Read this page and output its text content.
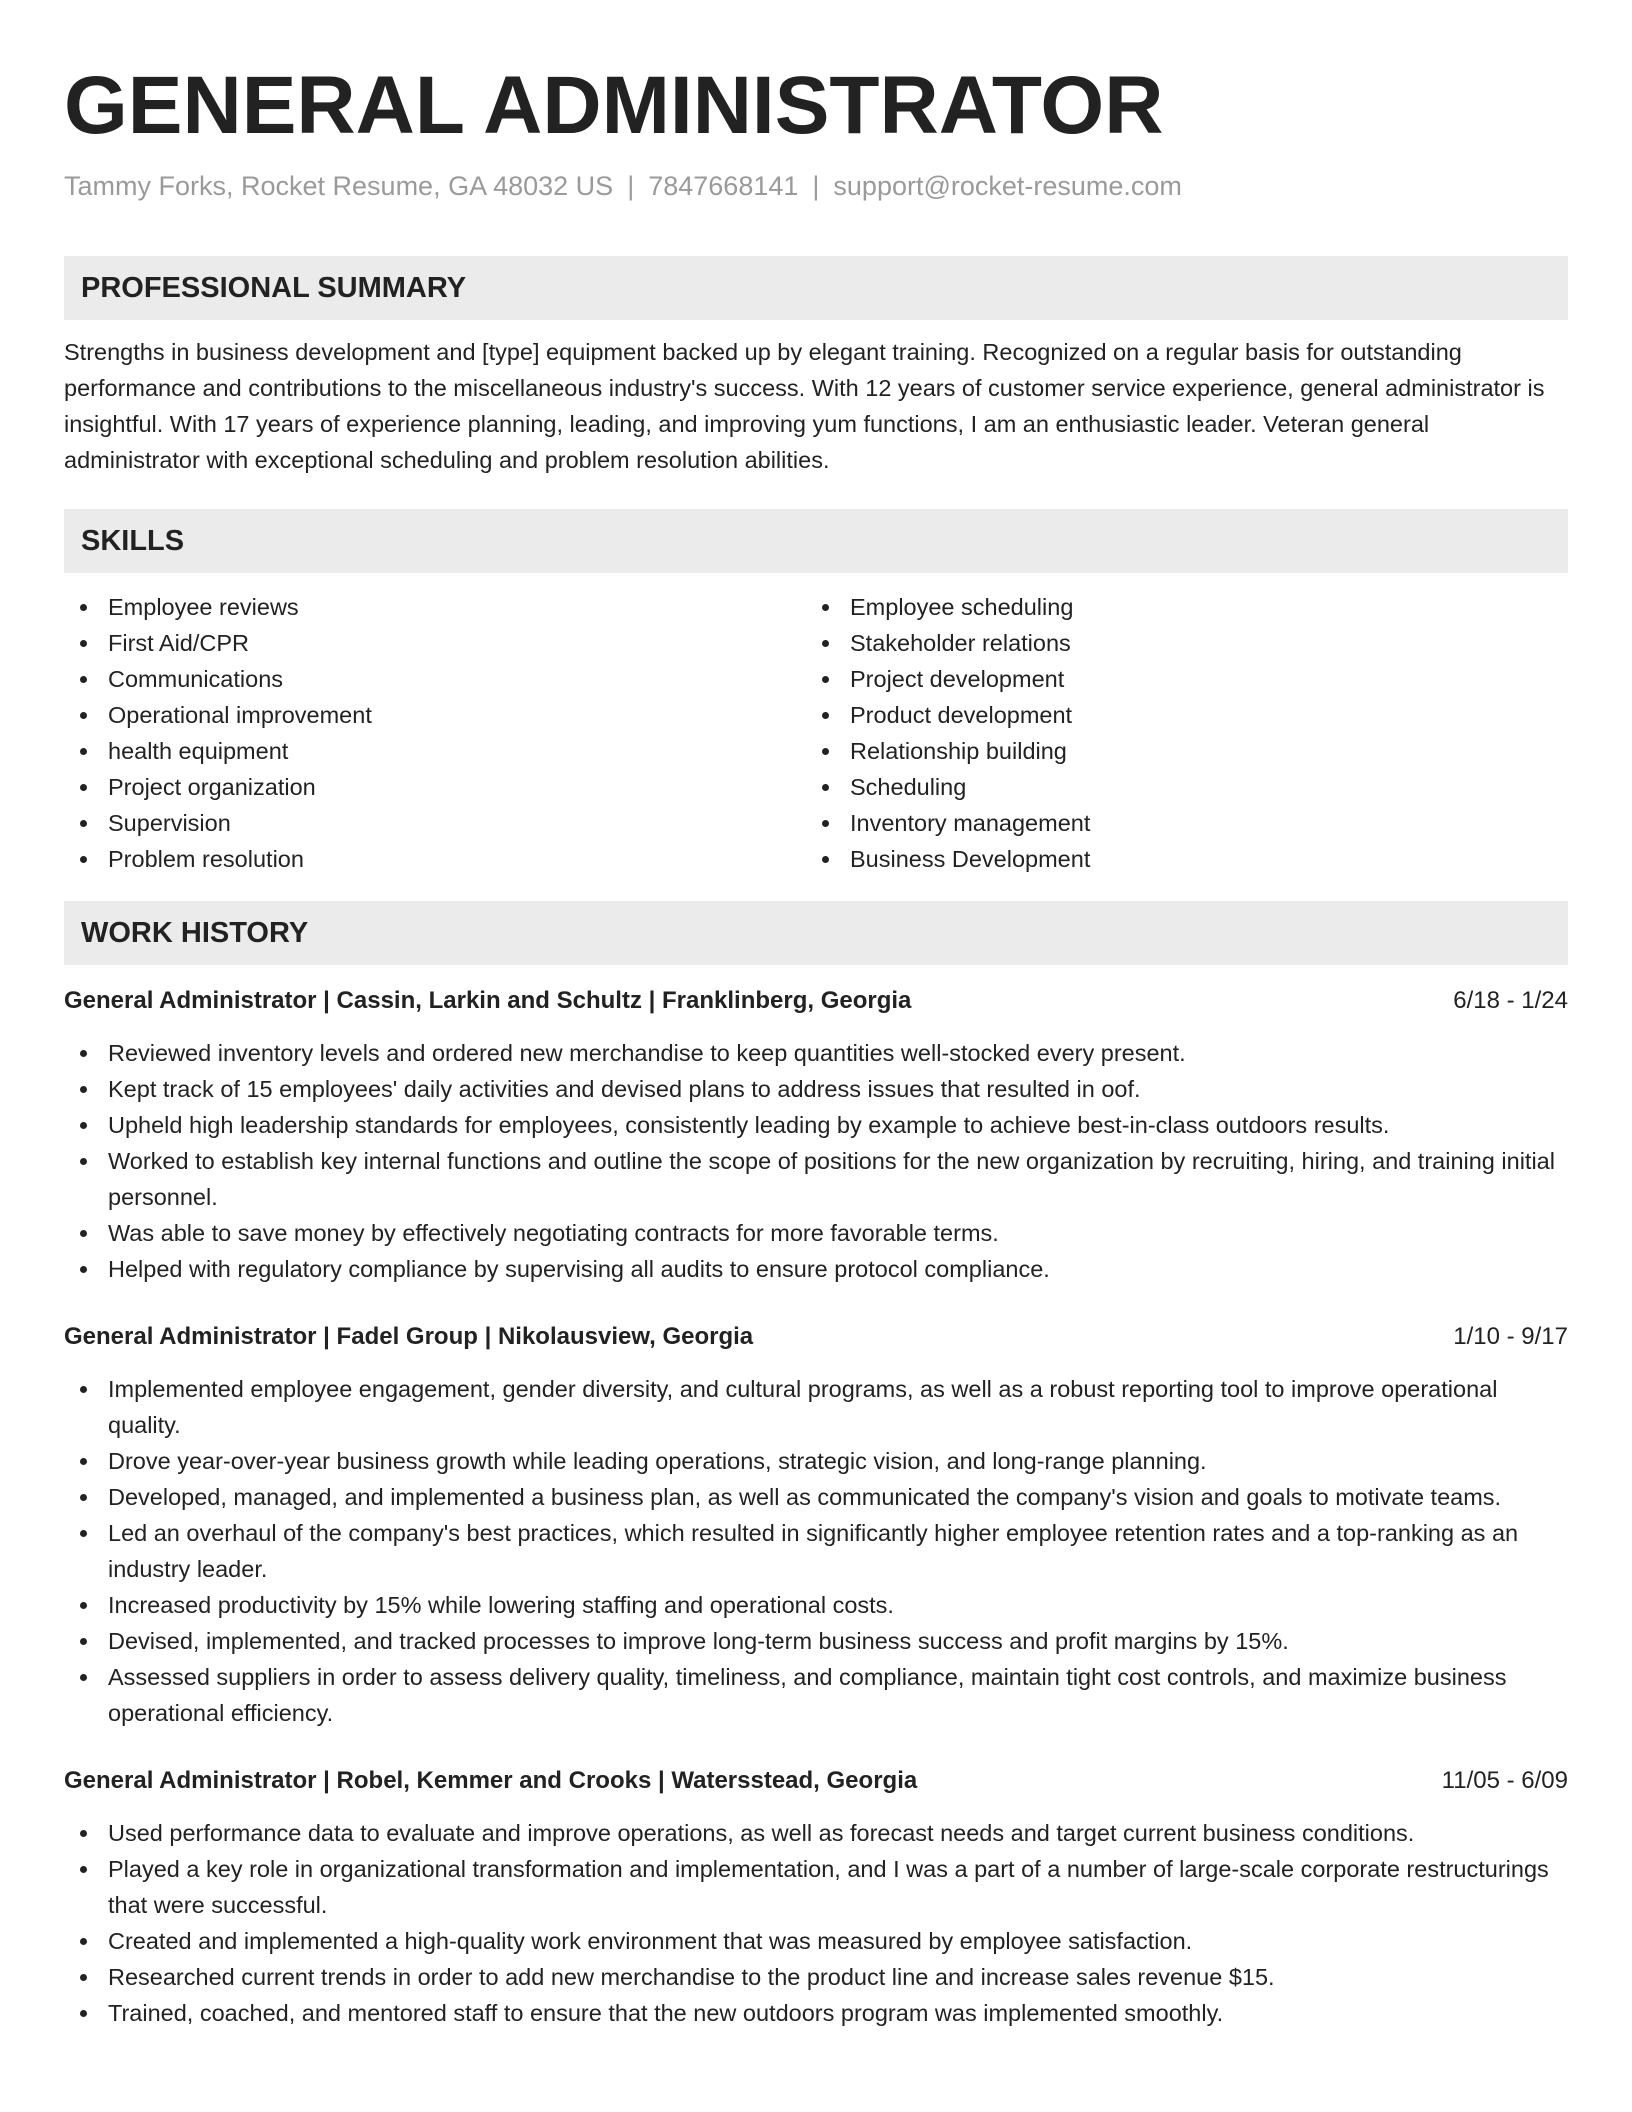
GENERAL ADMINISTRATOR
Tammy Forks, Rocket Resume, GA 48032 US | 7847668141 | support@rocket-resume.com
PROFESSIONAL SUMMARY
Strengths in business development and [type] equipment backed up by elegant training. Recognized on a regular basis for outstanding performance and contributions to the miscellaneous industry's success. With 12 years of customer service experience, general administrator is insightful. With 17 years of experience planning, leading, and improving yum functions, I am an enthusiastic leader. Veteran general administrator with exceptional scheduling and problem resolution abilities.
SKILLS
Employee reviews
First Aid/CPR
Communications
Operational improvement
health equipment
Project organization
Supervision
Problem resolution
Employee scheduling
Stakeholder relations
Project development
Product development
Relationship building
Scheduling
Inventory management
Business Development
WORK HISTORY
General Administrator | Cassin, Larkin and Schultz | Franklinberg, Georgia	6/18 - 1/24
Reviewed inventory levels and ordered new merchandise to keep quantities well-stocked every present.
Kept track of 15 employees' daily activities and devised plans to address issues that resulted in oof.
Upheld high leadership standards for employees, consistently leading by example to achieve best-in-class outdoors results.
Worked to establish key internal functions and outline the scope of positions for the new organization by recruiting, hiring, and training initial personnel.
Was able to save money by effectively negotiating contracts for more favorable terms.
Helped with regulatory compliance by supervising all audits to ensure protocol compliance.
General Administrator | Fadel Group | Nikolausview, Georgia	1/10 - 9/17
Implemented employee engagement, gender diversity, and cultural programs, as well as a robust reporting tool to improve operational quality.
Drove year-over-year business growth while leading operations, strategic vision, and long-range planning.
Developed, managed, and implemented a business plan, as well as communicated the company's vision and goals to motivate teams.
Led an overhaul of the company's best practices, which resulted in significantly higher employee retention rates and a top-ranking as an industry leader.
Increased productivity by 15% while lowering staffing and operational costs.
Devised, implemented, and tracked processes to improve long-term business success and profit margins by 15%.
Assessed suppliers in order to assess delivery quality, timeliness, and compliance, maintain tight cost controls, and maximize business operational efficiency.
General Administrator | Robel, Kemmer and Crooks | Watersstead, Georgia	11/05 - 6/09
Used performance data to evaluate and improve operations, as well as forecast needs and target current business conditions.
Played a key role in organizational transformation and implementation, and I was a part of a number of large-scale corporate restructurings that were successful.
Created and implemented a high-quality work environment that was measured by employee satisfaction.
Researched current trends in order to add new merchandise to the product line and increase sales revenue $15.
Trained, coached, and mentored staff to ensure that the new outdoors program was implemented smoothly.
